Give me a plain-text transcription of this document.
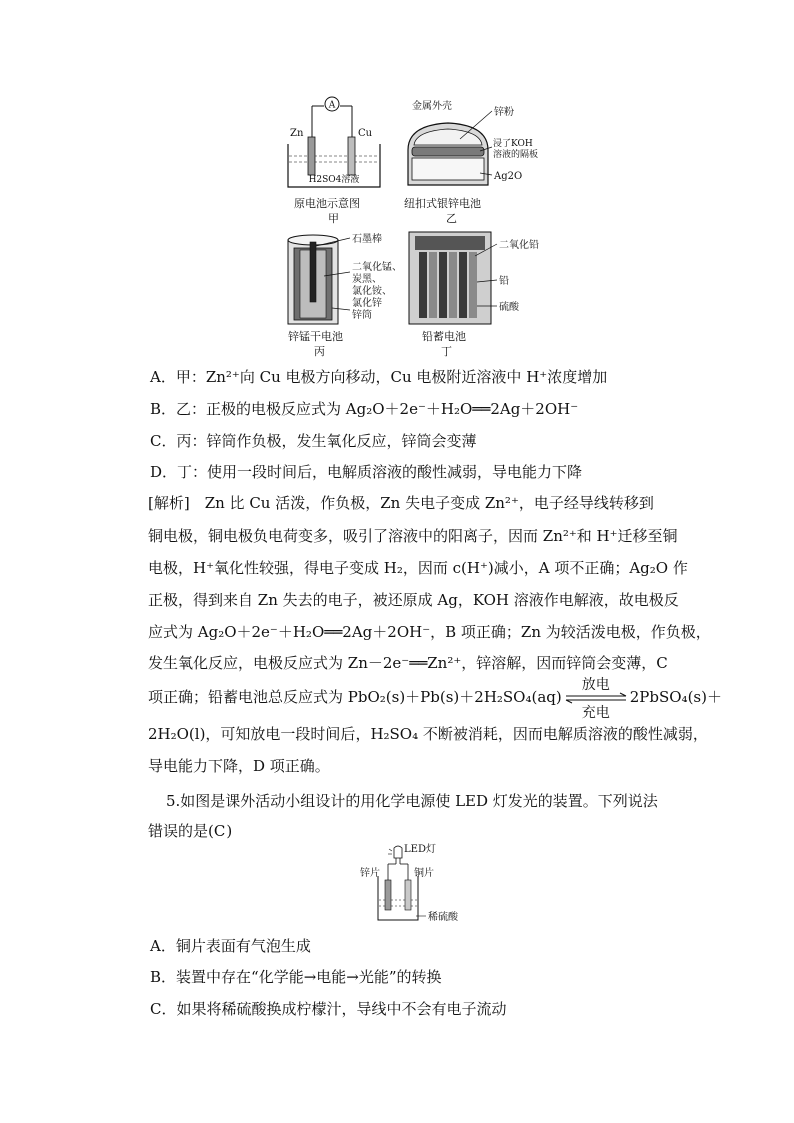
A
Zn	Cu
H2SO4溶液
原电池示意图
甲
金属外壳
锌粉
浸了KOH
溶液的隔板
Ag2O
纽扣式银锌电池
乙
石墨棒
二氧化锰、
炭黑、
氯化铵、
氯化锌
锌筒
锌锰干电池
丙
二氧化铅
铅
硫酸
铅蓄电池
丁
A．甲：Zn²⁺向 Cu 电极方向移动，Cu 电极附近溶液中 H⁺浓度增加
B．乙：正极的电极反应式为 Ag₂O＋2e⁻＋H₂O══2Ag＋2OH⁻
C．丙：锌筒作负极，发生氧化反应，锌筒会变薄
D．丁：使用一段时间后，电解质溶液的酸性减弱，导电能力下降
[解析]　Zn 比 Cu 活泼，作负极，Zn 失电子变成 Zn²⁺，电子经导线转移到
铜电极，铜电极负电荷变多，吸引了溶液中的阳离子，因而 Zn²⁺和 H⁺迁移至铜
电极，H⁺氧化性较强，得电子变成 H₂，因而 c(H⁺)减小，A 项不正确；Ag₂O 作
正极，得到来自 Zn 失去的电子，被还原成 Ag，KOH 溶液作电解液，故电极反
应式为 Ag₂O＋2e⁻＋H₂O══2Ag＋2OH⁻，B 项正确；Zn 为较活泼电极，作负极，
发生氧化反应，电极反应式为 Zn－2e⁻══Zn²⁺，锌溶解，因而锌筒会变薄，C
项正确；铅蓄电池总反应式为 PbO₂(s)＋Pb(s)＋2H₂SO₄(aq)
放电
充电
2PbSO₄(s)＋
2H₂O(l)，可知放电一段时间后，H₂SO₄ 不断被消耗，因而电解质溶液的酸性减弱，
导电能力下降，D 项正确。
5.如图是课外活动小组设计的用化学电源使 LED 灯发光的装置。下列说法
错误的是(C)
LED灯
锌片	铜片
稀硫酸
A．铜片表面有气泡生成
B．装置中存在“化学能→电能→光能”的转换
C．如果将稀硫酸换成柠檬汁，导线中不会有电子流动
